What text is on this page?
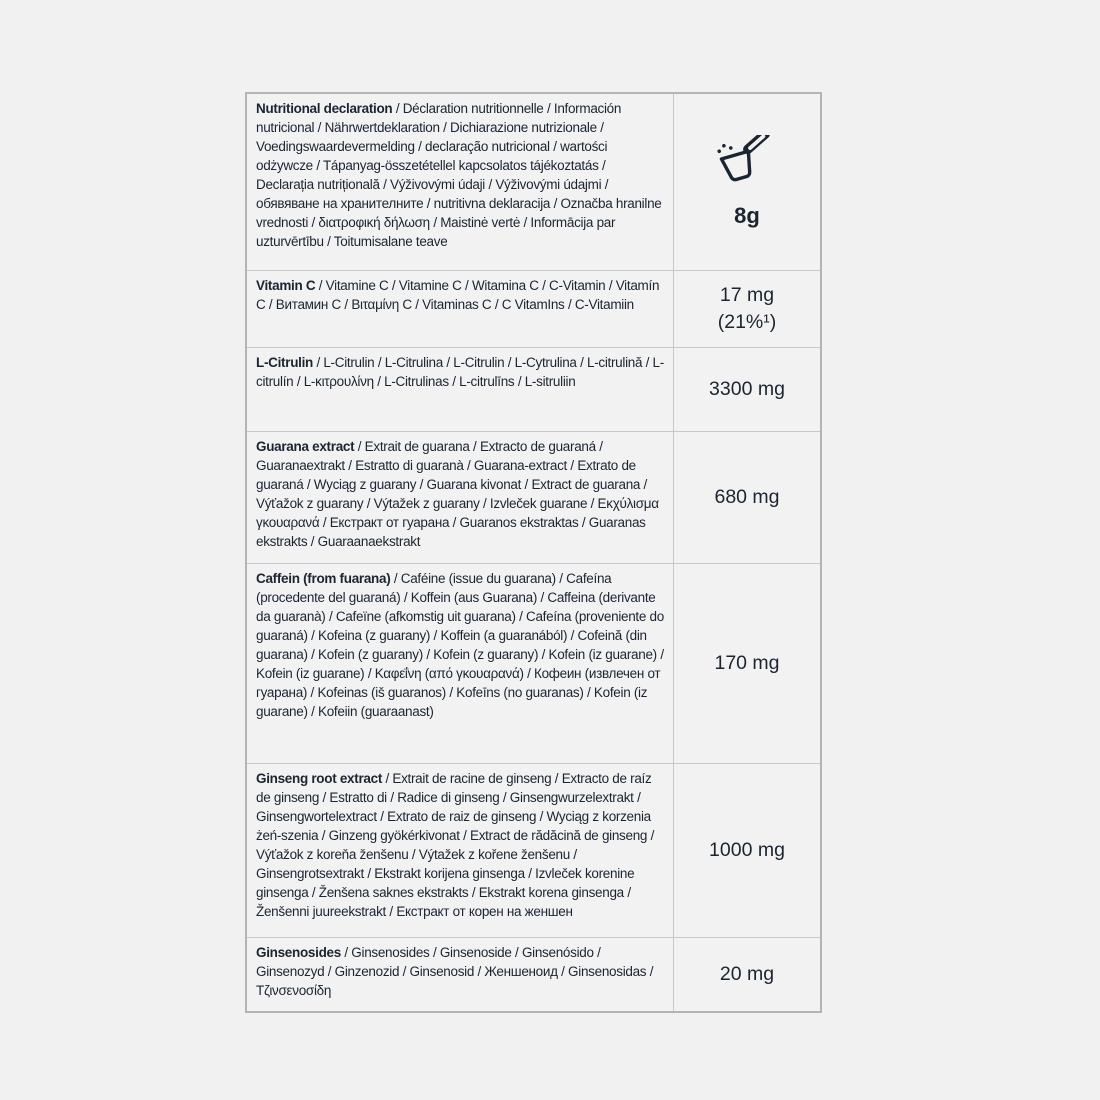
Nutritional declaration / Déclaration nutritionnelle / Información nutricional / Nährwertdeklaration / Dichiarazione nutrizionale / Voedingswaardevermelding / declaração nutricional / wartości odżywcze / Tápanyag-összetétellel kapcsolatos tájékoztatás / Declarația nutrițională / Výživovými údaji / Výživovými údajmi / обявяване на хранителните / nutritivna deklaracija / Označba hranilne vrednosti / διατροφική δήλωση / Maistinė vertė / Informācija par uzturvērtību / Toitumisalane teave
8g
Vitamin C / Vitamine C / Vitamine C / Witamina C / C-Vitamin / Vitamín C / Витамин C / Βιταμίνη C / Vitaminas C / C VitamIns / C-Vitamiin	17 mg
(21%¹)
L-Citrulin / L-Citrulin / L-Citrulina / L-Citrulin / L-Cytrulina / L-citrulină / L-citrulín / L-κιτρουλίνη / L-Citrulinas / L-citrulīns / L-sitruliin	3300 mg
Guarana extract / Extrait de guarana / Extracto de guaraná / Guaranaextrakt / Estratto di guaranà / Guarana-extract / Extrato de guaraná / Wyciąg z guarany / Guarana kivonat / Extract de guarana / Výťažok z guarany / Výtažek z guarany / Izvleček guarane / Εκχύλισμα γκουαρανά / Екстракт от гуарана / Guaranos ekstraktas / Guaranas ekstrakts / Guaraanaekstrakt
680 mg
Caffein (from fuarana) / Caféine (issue du guarana) / Cafeína (procedente del guaraná) / Koffein (aus Guarana) / Caffeina (derivante da guaranà) / Cafeïne (afkomstig uit guarana) / Cafeína (proveniente do guaraná) / Kofeina (z guarany) / Koffein (a guaranából) / Cofeină (din guarana) / Kofein (z guarany) / Kofein (z guarany) / Kofein (iz guarane) / Kofein (iz guarane) / Καφεΐνη (από γκουαρανά) / Кофеин (извлечен от гуарана) / Kofeinas (iš guaranos) / Kofeīns (no guaranas) / Kofein (iz guarane) / Kofeiin (guaraanast)
170 mg
Ginseng root extract / Extrait de racine de ginseng / Extracto de raíz de ginseng / Estratto di / Radice di ginseng / Ginsengwurzelextrakt / Ginsengwortelextract / Extrato de raiz de ginseng / Wyciąg z korzenia żeń-szenia / Ginzeng gyökérkivonat / Extract de rădăcină de ginseng / Výťažok z koreňa ženšenu / Výtažek z kořene ženšenu / Ginsengrotsextrakt / Ekstrakt korijena ginsenga / Izvleček korenine ginsenga / Ženšena saknes ekstrakts / Ekstrakt korena ginsenga / Ženšenni juureekstrakt / Екстракт от корен на женшен
1000 mg
Ginsenosides / Ginsenosides / Ginsenoside / Ginsenósido / Ginsenozyd / Ginzenozid / Ginsenosid / Женшеноид / Ginsenosidas / Τζινσενοσίδη
20 mg
